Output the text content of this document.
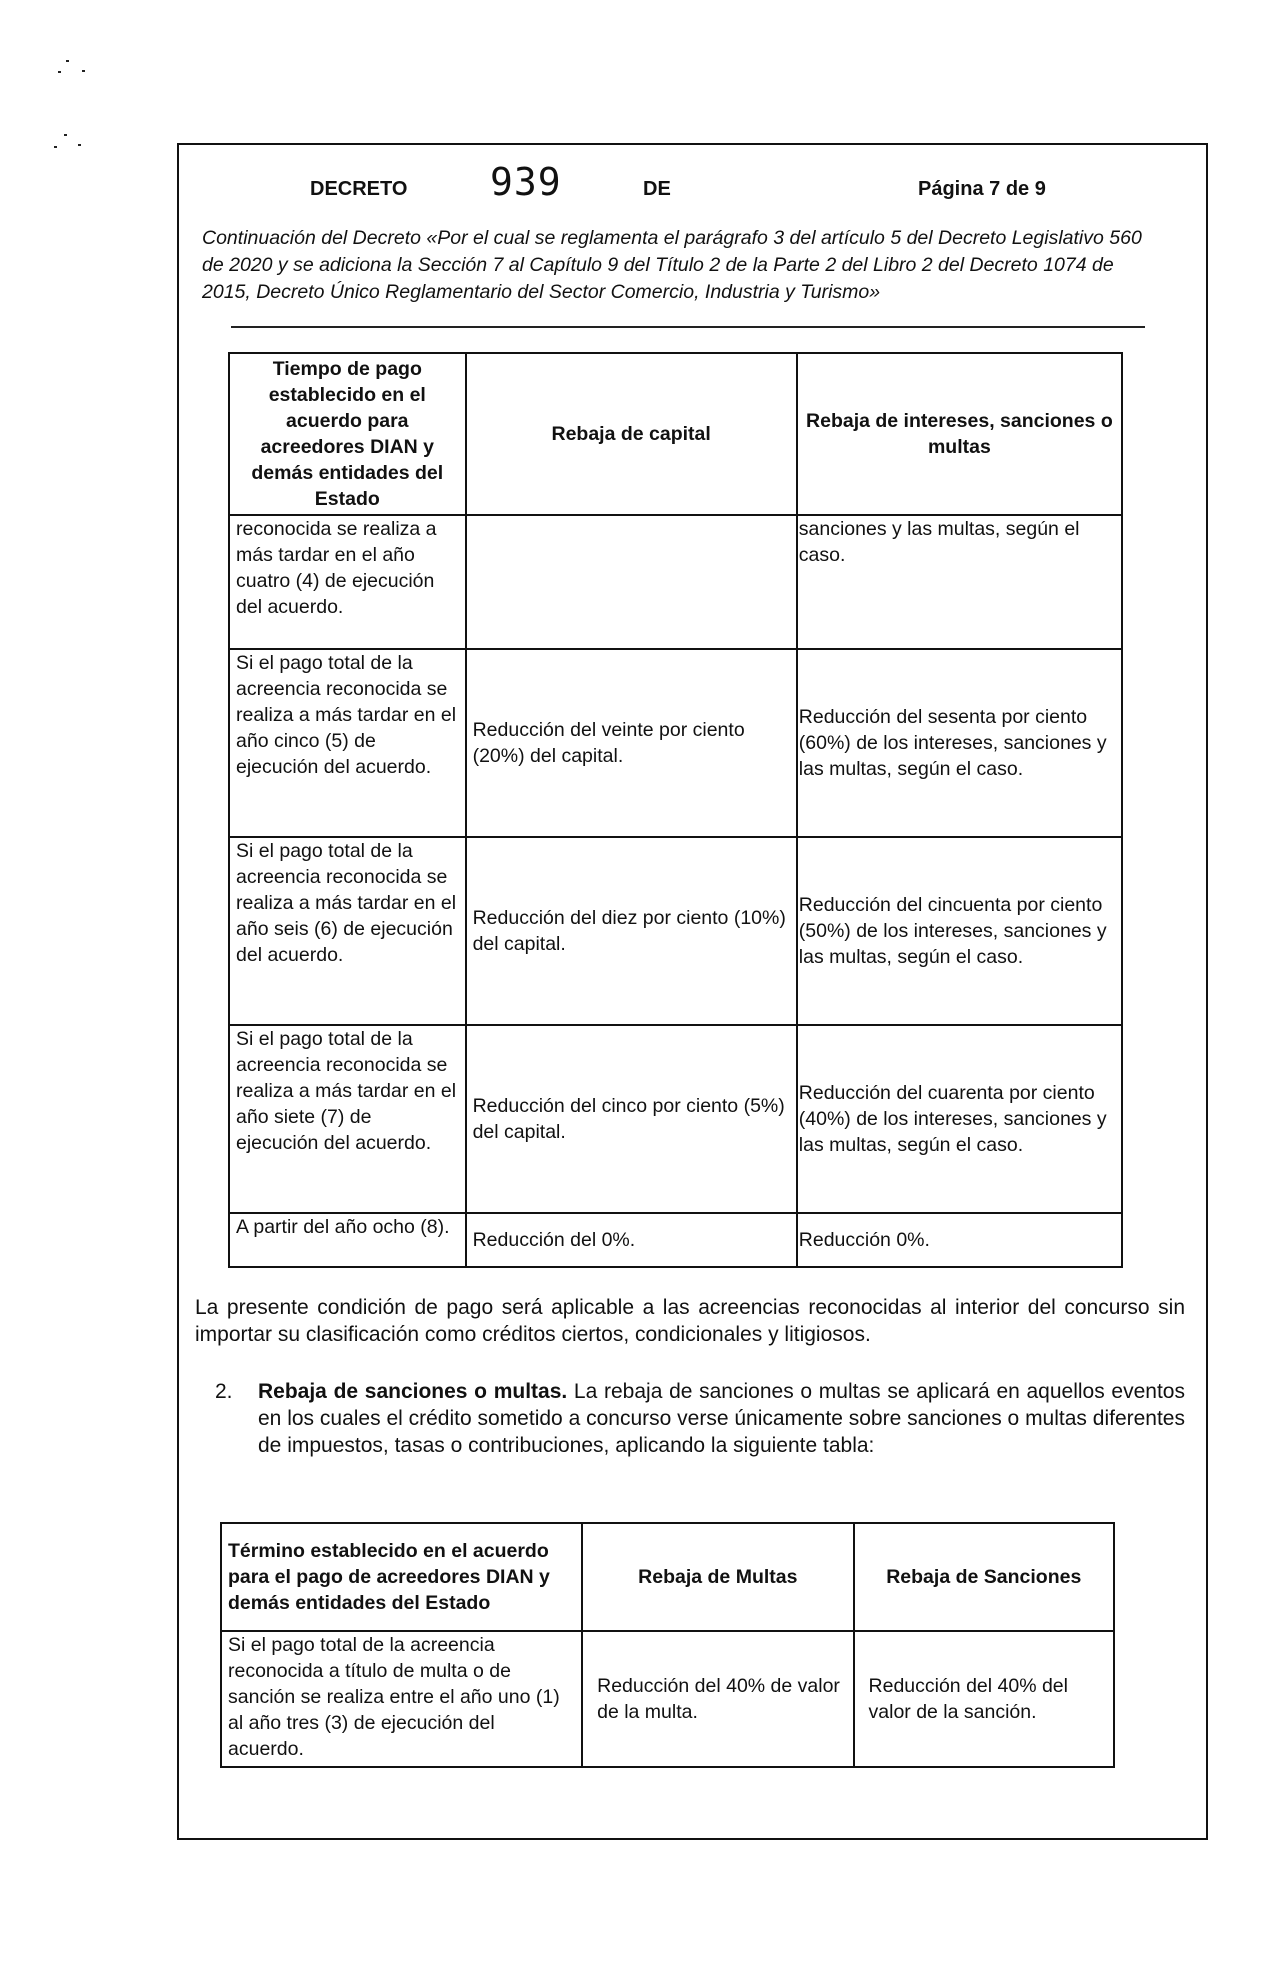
DECRETO 939	DE	Página 7 de 9
Continuación del Decreto «Por el cual se reglamenta el parágrafo 3 del artículo 5 del Decreto Legislativo 560 de 2020 y se adiciona la Sección 7 al Capítulo 9 del Título 2 de la Parte 2 del Libro 2 del Decreto 1074 de 2015, Decreto Único Reglamentario del Sector Comercio, Industria y Turismo»
Tiempo de pago establecido en el acuerdo para acreedores DIAN y demás entidades del Estado	Rebaja de capital	Rebaja de intereses, sanciones o multas
reconocida se realiza a más tardar en el año cuatro (4) de ejecución del acuerdo.		sanciones y las multas, según el caso.
Si el pago total de la acreencia reconocida se realiza a más tardar en el año cinco (5) de ejecución del acuerdo.	Reducción del veinte por ciento (20%) del capital.	Reducción del sesenta por ciento (60%) de los intereses, sanciones y las multas, según el caso.
Si el pago total de la acreencia reconocida se realiza a más tardar en el año seis (6) de ejecución del acuerdo.	Reducción del diez por ciento (10%) del capital.	Reducción del cincuenta por ciento (50%) de los intereses, sanciones y las multas, según el caso.
Si el pago total de la acreencia reconocida se realiza a más tardar en el año siete (7) de ejecución del acuerdo.	Reducción del cinco por ciento (5%) del capital.	Reducción del cuarenta por ciento (40%) de los intereses, sanciones y las multas, según el caso.
A partir del año ocho (8).	Reducción del 0%.	Reducción 0%.
La presente condición de pago será aplicable a las acreencias reconocidas al interior del concurso sin importar su clasificación como créditos ciertos, condicionales y litigiosos.
2. Rebaja de sanciones o multas. La rebaja de sanciones o multas se aplicará en aquellos eventos en los cuales el crédito sometido a concurso verse únicamente sobre sanciones o multas diferentes de impuestos, tasas o contribuciones, aplicando la siguiente tabla:
Término establecido en el acuerdo para el pago de acreedores DIAN y demás entidades del Estado	Rebaja de Multas	Rebaja de Sanciones
Si el pago total de la acreencia reconocida a título de multa o de sanción se realiza entre el año uno (1) al año tres (3) de ejecución del acuerdo.	Reducción del 40% de valor de la multa.	Reducción del 40% del valor de la sanción.
